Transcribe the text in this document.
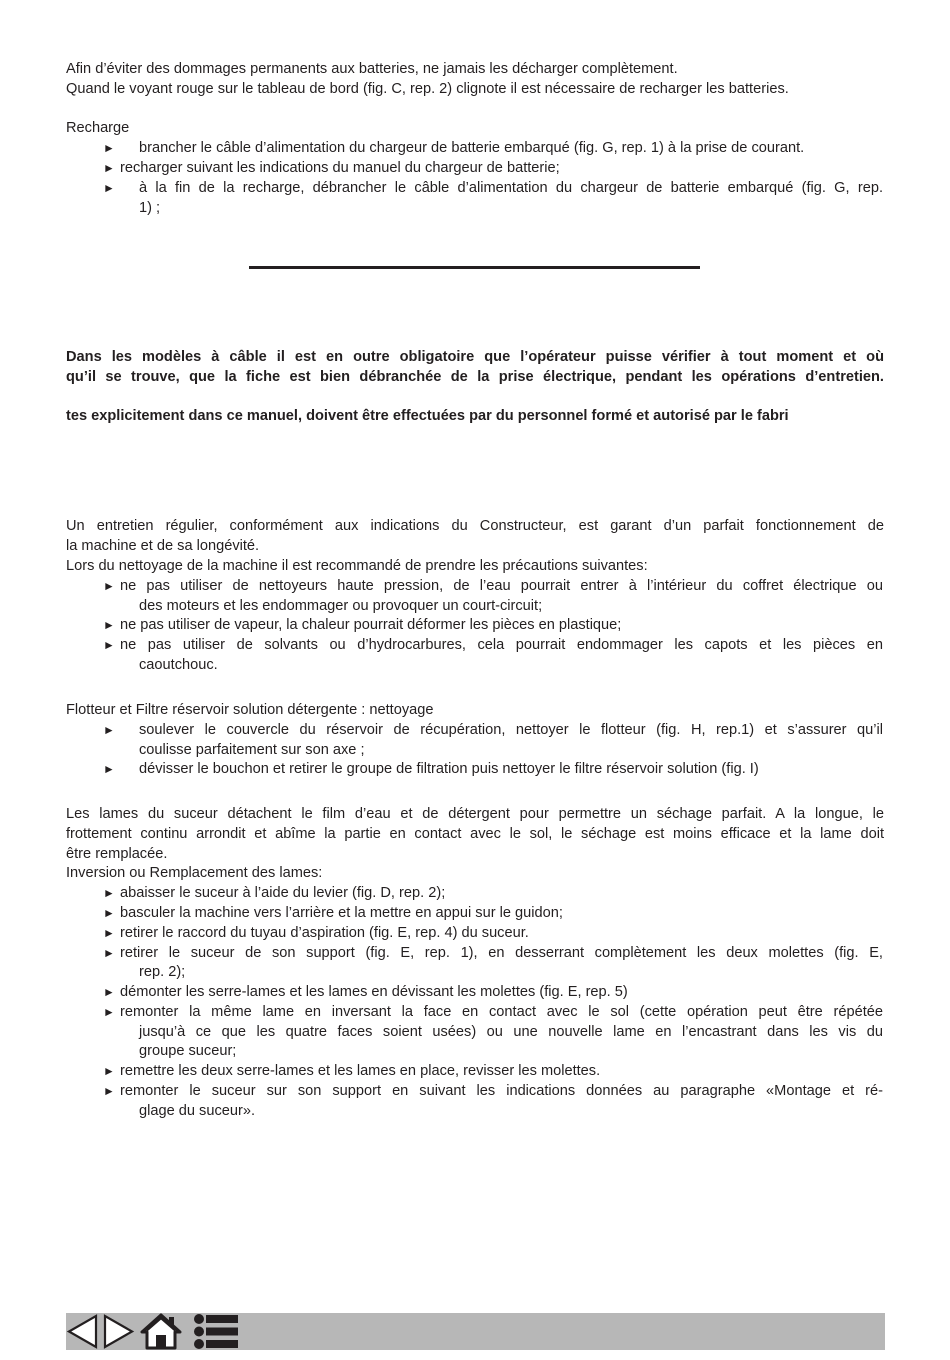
Afin d’éviter des dommages permanents aux batteries, ne jamais les décharger complètement.
Quand le voyant rouge sur le tableau de bord (fig. C, rep. 2) clignote il est nécessaire de recharger les batteries.
Recharge
► brancher le câble d’alimentation du chargeur de batterie embarqué (fig. G, rep. 1) à la prise de courant.
► recharger suivant les indications du manuel du chargeur de batterie;
► à la fin de la recharge, débrancher le câble d’alimentation du chargeur de batterie embarqué (fig. G, rep.
1) ;
Dans les modèles à câble il est en outre obligatoire que l’opérateur puisse vérifier à tout moment et où
qu’il se trouve, que la fiche est bien débranchée de la prise électrique, pendant les opérations d’entretien.
tes explicitement dans ce manuel, doivent être effectuées par du personnel formé et autorisé par le fabri
Un entretien régulier, conformément aux indications du Constructeur, est garant d’un parfait fonctionnement de
la machine et de sa longévité.
Lors du nettoyage de la machine il est recommandé de prendre les précautions suivantes:
► ne pas utiliser de nettoyeurs haute pression, de l’eau pourrait entrer à l’intérieur du coffret électrique ou
des moteurs et les endommager ou provoquer un court-circuit;
► ne pas utiliser de vapeur, la chaleur pourrait déformer les pièces en plastique;
► ne pas utiliser de solvants ou d’hydrocarbures, cela pourrait endommager les capots et les pièces en
caoutchouc.
Flotteur et Filtre réservoir solution détergente : nettoyage
► soulever le couvercle du réservoir de récupération, nettoyer le flotteur (fig. H, rep.1) et s’assurer qu’il
coulisse parfaitement sur son axe ;
► dévisser le bouchon et retirer le groupe de filtration puis nettoyer le filtre réservoir solution (fig. I)
Les lames du suceur détachent le film d’eau et de détergent pour permettre un séchage parfait. A la longue, le
frottement continu arrondit et abîme la partie en contact avec le sol, le séchage est moins efficace et la lame doit
être remplacée.
Inversion ou Remplacement des lames:
► abaisser le suceur à l’aide du levier (fig. D, rep. 2);
► basculer la machine vers l’arrière et la mettre en appui sur le guidon;
► retirer le raccord du tuyau d’aspiration (fig. E, rep. 4) du suceur.
► retirer le suceur de son support (fig. E, rep. 1), en desserrant complètement les deux molettes (fig. E,
rep. 2);
► démonter les serre-lames et les lames en dévissant les molettes (fig. E, rep. 5)
► remonter la même lame en inversant la face en contact avec le sol (cette opération peut être répétée
jusqu’à ce que les quatre faces soient usées) ou une nouvelle lame en l’encastrant dans les vis du
groupe suceur;
► remettre les deux serre-lames et les lames en place, revisser les molettes.
► remonter le suceur sur son support en suivant les indications données au paragraphe «Montage et ré-
glage du suceur».
